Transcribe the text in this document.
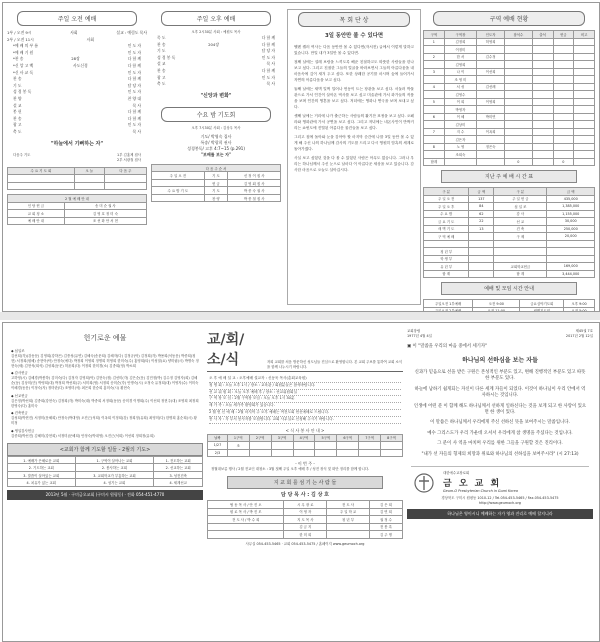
주일 오전 예배
1부 / 오전 9시	사회	설교 : 예림도 목사
2부 / 오전 11시	사회
*예 배 의 부 름	인 도 자
*예 배 기 원	인 도 자
*찬 송	28장	다 함 께
*신 앙 고 백	사도신경	다 함 께
*신 사 교 독	인 도 자
찬 송	다 함 께
기 도	담 당 자
성 경 봉 독	인 도 자
찬 양	찬 양 대
설 교	목 사
봉 헌	다 함 께
찬 송	다 함 께
광 고	인 도 자
축 도	목 사
"하늘에서 기뻐하는 자"
다음주 기도	1부 김홍제 집사
2부 서광철 집사
수 요 기 도 회	오 늘	다 음 주

2 월 예 배 안 내	
인 당 헌 금	송 미 순 권 사
교 회 청 소	김 영 호 정 미 숙
예 배 안 내	조 선 화 안 서 현
주일 오후 예배
오후 2시30분 사회 : 예원도 목사
묵 도	다 함 께
찬 송	204장	다 함 께
기 도	담 당 자
성 경 봉 독	인 도 자
설 교	목 사
찬 송	다 함 께
광 고	인 도 자
축 도	목 사
"신앙과 변화"
수요 밤 기도회
오후 7시30분 사회 : 김상우 목사
기도/ 박영숙 집사
특송/ 박광희 권사
성경봉독/ 고후 4:7~15 (p.291)
"보배를 보는 자"
다 음 주 순 서		
주 일 오 전	기 도	신 정 이 집 사
	헌 금	김 영 회 집 사
수 요 밤 기 도	기 도	박 종 숙 권 사
	찬 양	박 종 철 집 사
목 회 단 상
3일 동안만 볼 수 있다면

헬렌 켈러 여사는 다음 동안만 볼 수 있다면(자서전) 글에서 이렇게 말하고 있습니다. 만일 내가 3일만 볼 수 있다면.

첫째 날에는 설레 보람을 느끼도록 해준 친절하고도 따뜻한 사람들을 한나 보고 싶다. 그리고 친절한 그들의 얼굴을 바라보면서 그들의 아름다움을 내 마음속에 깊이 새겨 두고 싶다. 또한 상쾌한 공기를 마시며 숲에 들어가서 자연의 아름다움을 보고 싶다.

둘째 날에는 새벽 일찍 일어나 먼동이 트는 장관을 보고 싶다. 서둘러 박물관으로 가서 인간이 살아온 역사를 보고 싶고 미술관에 가서 화가들의 작품을 보며 인간의 영혼을 보고 싶다. 저녁에는 영화나 연극을 보며 보내고 싶다.

셋째 날에는 거리에 나가 출근하는 사람들의 활기찬 표정을 보고 싶다. 오페라와 영화관에 가서 공연을 보고 싶다. 그리고 저녁에는 네온사인이 반짝거리는 쇼윈도에 진열된 아름다운 물건들을 보고 싶다.

그리고 집에 돌아와 눈을 감아야 할 마지막 순간에 나를 3일 동안 볼 수 있게 해 주신 나의 하나님께 감사의 기도를 드리고 다시 영원히 암흑의 세계로 돌아가겠다.

사실 보고 싶었던 것을 다 볼 수 있었던 사람은 아무도 없습니다. 그러나 우리는 하나님께서 주신 눈으로 날마다 이 아름다운 세상을 보고 있습니다. 감사한 마음으로 오늘도 살아갑시다.

구역 예배 현황
구역	구역장	인도자	참석수	출석	헌금	비고
1	김정희	허영희				
	이정미					
2	한 서	김수정				
	김영희					
3	나 이	이선희				
	조 영 미					
4	서 성	김선례				
	김영수					
5	이 희	이영희				
	박영자					
6	이 혜	박미연				
	김상미					
7	지 수	이옥희				
	김은자					
8	노 영	정은숙				
	조희숙					
합계			0		0	
지난 주 예 배 시 간 표
구 분	금 액	구 분	금 액
주 일 오 전	137	주 일 헌 금	435,000
주 일 오 후	84	십 일 조	1,385,000
수 요 밤	62	감 사	1,155,000
금 요 기 도	22	선 교	30,000
새 벽 기 도	13	건 축	250,000
구 역 예 배		구 제	20,000

청 년 부			
학 생 부			
유 년 부		교회학교헌금	169,000
합 계		합 계	3,444,000
예배 및 모임 시간 안내
주일오전 1부예배	오전 9:00	금요심야기도회	오후 9:00
주일오전 2부예배	오전 11:00	새벽기도회	오전 5:00

헌기로운 예물
◆ 십일조
김선희(각)(강동문) 김영희(강하은) 김종성(유연) 김혜숙(송문희) 김혜자(다) 김정규(탁) 김정희(각) 박용희(석동문) 박종희(청현) 서정희(원혜) 송현아(탁) 안정숙(에다) 박정희 이영희 정명희 허영희 한미숙(수) 홍영희(타) 이성열(요) 양미림(시) 박명숙 정현숙(세) 김현석(희석) 김성희(동문) 허윤희(다) 이정희 한미경(소) 김종희(영) 박소희
◆ 감사헌금
고하영(시) 김혜경(박봉하) 김미숙(다) 김정자 김영희(탁) 김현숙(정) 김선미(각) 김은순(문) 김민정(박) 김수정 김영자(희) 김혜순(동) 김상미(민) 박영희(대) 박정희 박선희(주) 서미희(영) 서정희 송미순(각) 안명숙(시) 오정숙 유정희(대) 이영자(수) 이미숙 이혜경(동문) 이정숙(자) 정미란(다) 조영미(석) 최은희 한승희 홍미숙(시) 황현숙
◆ 선교헌금
김은정(박선희) 김종희(강현숙) 김정희(각) 박미숙(대) 박종희 서정희(동문) 송미경 이명희(수) 이선희 정현주(대) 조영희 최정희 한영숙(다) 홍미숙
◆ 건축헌금
김성희(박현진) 서정미(문혜희) 안정숙(박대영) 오진근(석희) 이옥희 이정희(강) 정희정(유희) 최영미(다) 한명희 홍순희(시) 황미정
◆ 생일감사헌금
김종희(박선진) 김혜미(강현희) 서정미(문혜희) 안정숙(박대영) 오진근(석희) 이선희 정희정(유희)
<교회가 함께 기도할 일들 - 2월의 기도>
1. 예배가 은혜로운 교회	1. 구역이 살아나는 교회	1. 전도하는 교회
2. 기도하는 교회	2. 봉사하는 교회	2. 선교하는 교회
3. 말씀이 살아있는 교회	3. 교회학교가 부흥하는 교회	3. 성전건축
4. 치유가 있는 교회	4. 섬기는 교회	4. 세계선교
2013년 5월 · 구미금오교회 (구미시 원평동) · 전화 054-451-4770
교/회/소/식	저희 교회를 처음 방문하신 성도님들 진심으로 환영합니다. 본 교회 주보를 통하여 교회 소식을 함께 나누시기 바랍니다.
오 후 예 배 설 교 : 오후예배 설교자 : 신동욱 목사(총회교육원)
청 명 회 : 오늘 오후 1시 / 장소 : 교육관 / 회원분들은 참석바랍니다.
선 교 위 원 회 : 오늘 오후 예배 후 / 장소 : 선교위원회실
구 역 장 모 임 : 2월 구역장 모임 : 오늘 오후 1시 30분
새 가 족 : 오늘 새가족 환영회가 있습니다.
2 월 헌 신 예 배 : 2월 마지막 주 오후 예배는 여전도회 헌신예배로 드립니다.
봉 사 자 : 각 부서 봉사자를 모집합니다. 교회 사무실로 신청해 주시기 바랍니다.
< 식 사 봉 사 안 내 >
날짜	1구역	2구역	3구역	4구역	5구역	6구역	7구역	8구역
1/27	조							
2/3								
- 이 번 주 -
정월대보름 행사 / 2월 전교인 대청소 : 3월 첫째 주일 오후 예배 후 / 성전 장식 및 화단 정리를 함께 합니다.
지 교 회 를 섬 기 는 사 람 들
담 당 목 사 : 김 상 호
협 동 목 사 / 안 진 오	시 무 장 로	전 도 사	김 은 희
원 로 목 사 / 박 진 모	이 영 자	주 일 학 교	김 연 희
전 도 사 / 박 수 희	지 도 목 사	청 년 부	권 정 수
	김 금 지		전 봉 록
	한 미 희		김 주 명
사무실 054-453-5465 · 교회 054-453-5475 / 홈페이지 www.geumoch.org
교회창립
1977년 4월 4일
제45권 7호
2017년 2월 12일
▣ 이 "말씀을 우리의 마음 중에서 세기자"
하나님의 선하심을 보는 자들

신과가 믿음으로 선을 받은 구원은 본성적인 부분도 있고, 변해 진행적인 부분도 있고 따뜻한 부분도 있다.

하늘에 남하기 쉽게되는 자신이 다른 세계 자들이 되었다. 이것이 하나님이 우리 안에서 역사하시는 것입니다.

인생에 어떤 분 이 함께 해도 하나님께서 선하게 일하신다는 것을 보게 되고 한 사랑이 있으면 한 생이 있다.

이 말씀은 하나님께서 우리에게 주신 선하신 뜻을 보여주시는 말씀입니다.

예수 그리스도가 우리 가운데 오셔서 우리에게 참 생명을 주셨다는 것입니다.

그 분이 사 역을 마치며 우리를 위한 그들을 구원할 것은 진리이다.

"내가 선 자들의 형제의 희망과 위로와 하나님의 선하심을 보여주시라" (시 27:13)

대한예수교장로회
금 오 교 회
Geum-O Presbyterian Church in Gumi Korea
경상북도 구미시 원평동 1010-12 / Tel.054-453-5465 / Fax.054-453-5475
http://www.geumoch.org
하나님은 영이시니 예배하는 자가 영과 진리로 예배 할지니라
